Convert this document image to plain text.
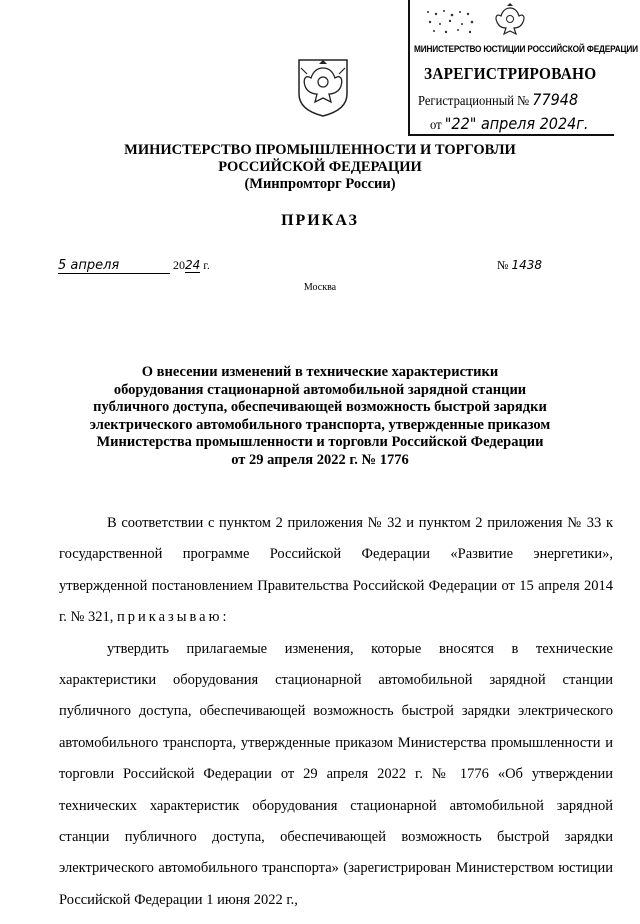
МИНИСТЕРСТВО ЮСТИЦИИ РОССИЙСКОЙ ФЕДЕРАЦИИ
ЗАРЕГИСТРИРОВАНО
Регистрационный № 77948
от "22" апреля 2024г.
МИНИСТЕРСТВО ПРОМЫШЛЕННОСТИ И ТОРГОВЛИ
РОССИЙСКОЙ ФЕДЕРАЦИИ
(Минпромторг России)
ПРИКАЗ
5 апреля	2024 г.	№ 1438
Москва
О внесении изменений в технические характеристики
оборудования стационарной автомобильной зарядной станции
публичного доступа, обеспечивающей возможность быстрой зарядки
электрического автомобильного транспорта, утвержденные приказом
Министерства промышленности и торговли Российской Федерации
от 29 апреля 2022 г. № 1776

В соответствии с пунктом 2 приложения № 32 и пунктом 2 приложения № 33 к государственной программе Российской Федерации «Развитие энергетики», утвержденной постановлением Правительства Российской Федерации от 15 апреля 2014 г. № 321, приказываю:

утвердить прилагаемые изменения, которые вносятся в технические характеристики оборудования стационарной автомобильной зарядной станции публичного доступа, обеспечивающей возможность быстрой зарядки электрического автомобильного транспорта, утвержденные приказом Министерства промышленности и торговли Российской Федерации от 29 апреля 2022 г. № 1776 «Об утверждении технических характеристик оборудования стационарной автомобильной зарядной станции публичного доступа, обеспечивающей возможность быстрой зарядки электрического автомобильного транспорта» (зарегистрирован Министерством юстиции Российской Федерации 1 июня 2022 г.,
